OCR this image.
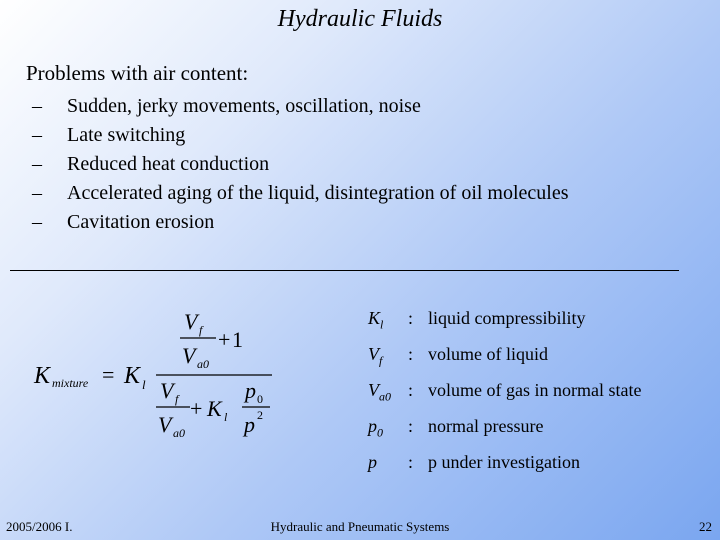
Hydraulic Fluids
Problems with air content:
– Sudden, jerky movements, oscillation, noise
– Late switching
– Reduced heat conduction
– Accelerated aging of the liquid, disintegration of oil molecules
– Cavitation erosion
K mixture = K l
V f
V a0
+ 1
V f
V a0
+ K l
p 0
p 2
$K_l$ : liquid compressibility
$V_f$ : volume of liquid
$V_{a0}$ : volume of gas in normal state
$p_0$ : normal pressure
p : p under investigation
2005/2006 I.	Hydraulic and Pneumatic Systems	22
